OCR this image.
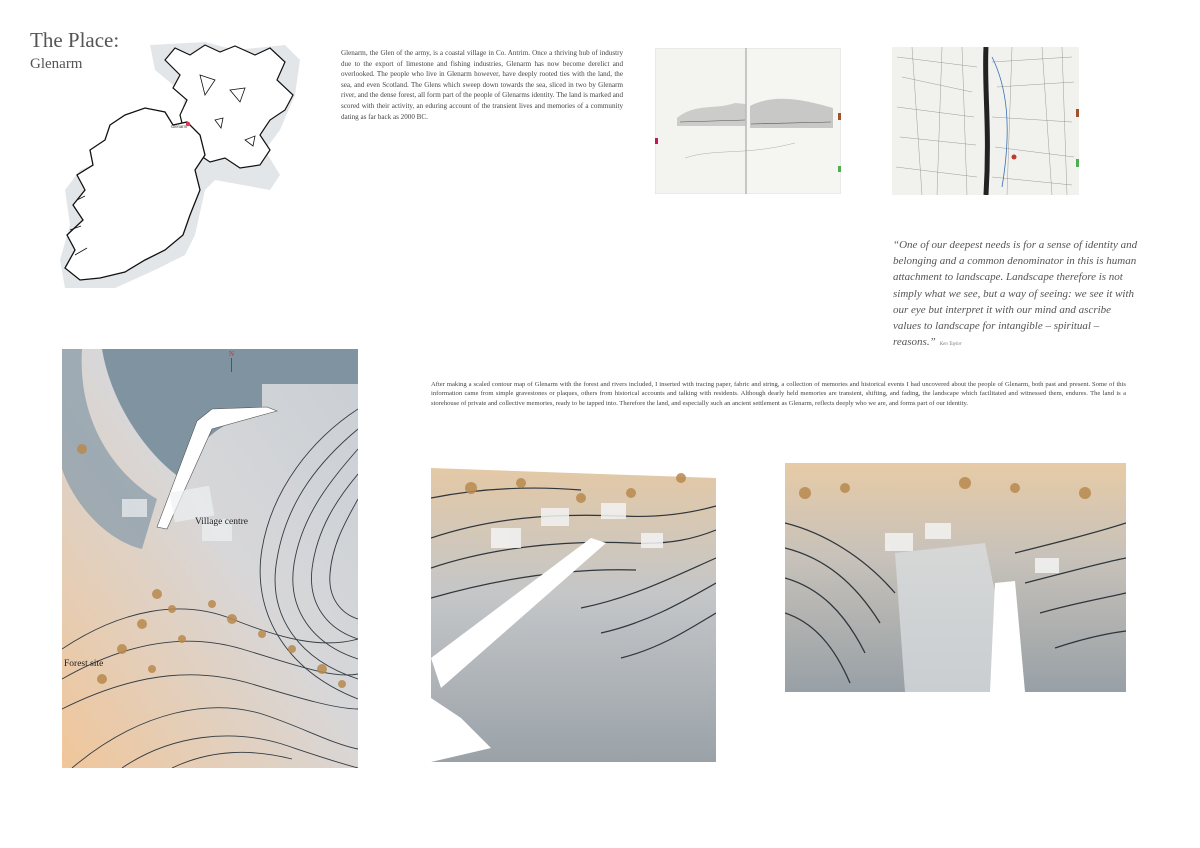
The Place:
Glenarm
Glenarm
Glenarm, the Glen of the army, is a coastal village in Co. Antrim. Once a thriving hub of industry due to the export of limestone and fishing industries, Glenarm has now become derelict and overlooked. The people who live in Glenarm however, have deeply rooted ties with the land, the sea, and even Scotland. The Glens which sweep down towards the sea, sliced in two by Glenarm river, and the dense forest, all form part of the people of Glenarms identity. The land is marked and scored with their activity, an eduring account of the transient lives and memories of a community dating as far back as 2000 BC.
“One of our deepest needs is for a sense of identity and belonging and a common denominator in this is human attachment to landscape. Landscape therefore is not simply what we see, but a way of seeing: we see it with our eye but interpret it with our mind and ascribe values to landscape for intangible – spiritual – reasons.” Ken Taylor
Village centre
Forest site
N
After making a scaled contour map of Glenarm with the forest and rivers included, I inserted with tracing paper, fabric and string, a collection of memories and historical events I had uncovered about the people of Glenarm, both past and present. Some of this information came from simple gravestones or plaques, others from historical accounts and talking with residents. Although dearly held memories are transient, shifting, and fading, the landscape which facilitated and witnessed them, endures. The land is a storehouse of private and collective memories, ready to be tapped into. Therefore the land, and especially such an ancient settlement as Glenarm, reflects deeply who we are, and forms part of our identity.
